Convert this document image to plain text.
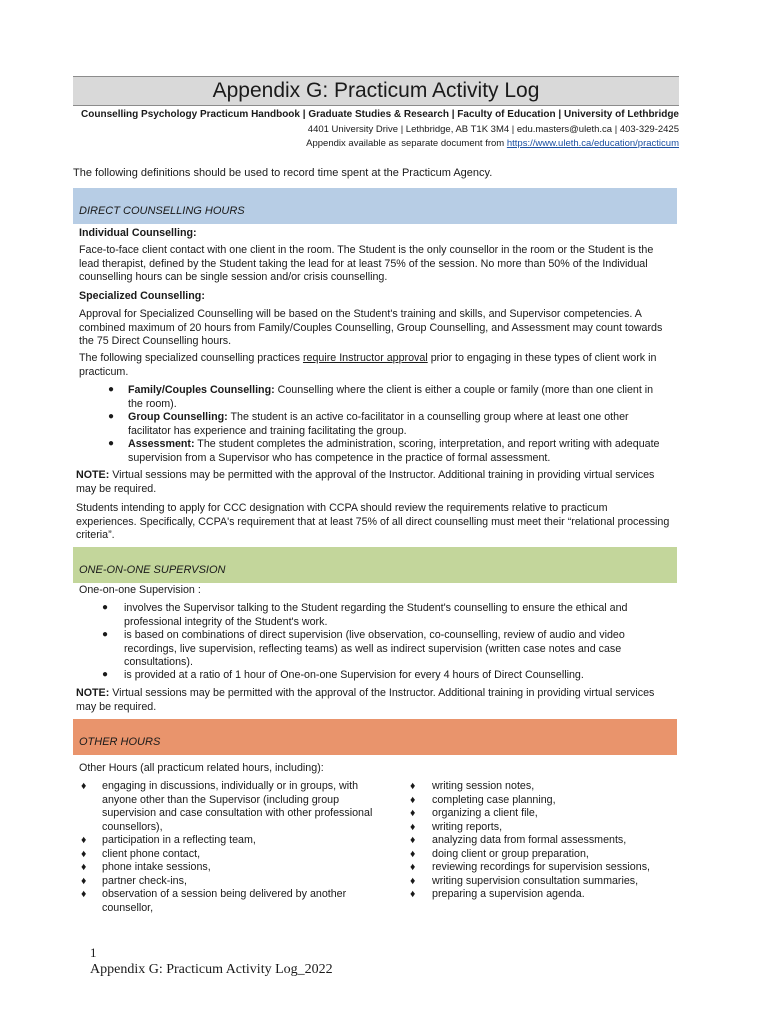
Appendix G: Practicum Activity Log
Counselling Psychology Practicum Handbook | Graduate Studies & Research | Faculty of Education | University of Lethbridge
4401 University Drive | Lethbridge, AB T1K 3M4 | edu.masters@uleth.ca | 403-329-2425
Appendix available as separate document from https://www.uleth.ca/education/practicum
The following definitions should be used to record time spent at the Practicum Agency.
DIRECT COUNSELLING HOURS
Individual Counselling:
Face-to-face client contact with one client in the room. The Student is the only counsellor in the room or the Student is the lead therapist, defined by the Student taking the lead for at least 75% of the session. No more than 50% of the Individual counselling hours can be single session and/or crisis counselling.
Specialized Counselling:
Approval for Specialized Counselling will be based on the Student's training and skills, and Supervisor competencies. A combined maximum of 20 hours from Family/Couples Counselling, Group Counselling, and Assessment may count towards the 75 Direct Counselling hours.
The following specialized counselling practices require Instructor approval prior to engaging in these types of client work in practicum.
● Family/Couples Counselling: Counselling where the client is either a couple or family (more than one client in the room).
● Group Counselling: The student is an active co-facilitator in a counselling group where at least one other facilitator has experience and training facilitating the group.
● Assessment: The student completes the administration, scoring, interpretation, and report writing with adequate supervision from a Supervisor who has competence in the practice of formal assessment.
NOTE: Virtual sessions may be permitted with the approval of the Instructor. Additional training in providing virtual services may be required.
Students intending to apply for CCC designation with CCPA should review the requirements relative to practicum experiences. Specifically, CCPA's requirement that at least 75% of all direct counselling must meet their “relational processing criteria”.
ONE-ON-ONE SUPERVSION
One-on-one Supervision :
● involves the Supervisor talking to the Student regarding the Student's counselling to ensure the ethical and professional integrity of the Student's work.
● is based on combinations of direct supervision (live observation, co-counselling, review of audio and video recordings, live supervision, reflecting teams) as well as indirect supervision (written case notes and case consultations).
● is provided at a ratio of 1 hour of One-on-one Supervision for every 4 hours of Direct Counselling.
NOTE: Virtual sessions may be permitted with the approval of the Instructor. Additional training in providing virtual services may be required.
OTHER HOURS
Other Hours (all practicum related hours, including):
♦ engaging in discussions, individually or in groups, with anyone other than the Supervisor (including group supervision and case consultation with other professional counsellors),
♦ participation in a reflecting team,
♦ client phone contact,
♦ phone intake sessions,
♦ partner check-ins,
♦ observation of a session being delivered by another counsellor,
♦ writing session notes,
♦ completing case planning,
♦ organizing a client file,
♦ writing reports,
♦ analyzing data from formal assessments,
♦ doing client or group preparation,
♦ reviewing recordings for supervision sessions,
♦ writing supervision consultation summaries,
♦ preparing a supervision agenda.
1
Appendix G: Practicum Activity Log_2022
